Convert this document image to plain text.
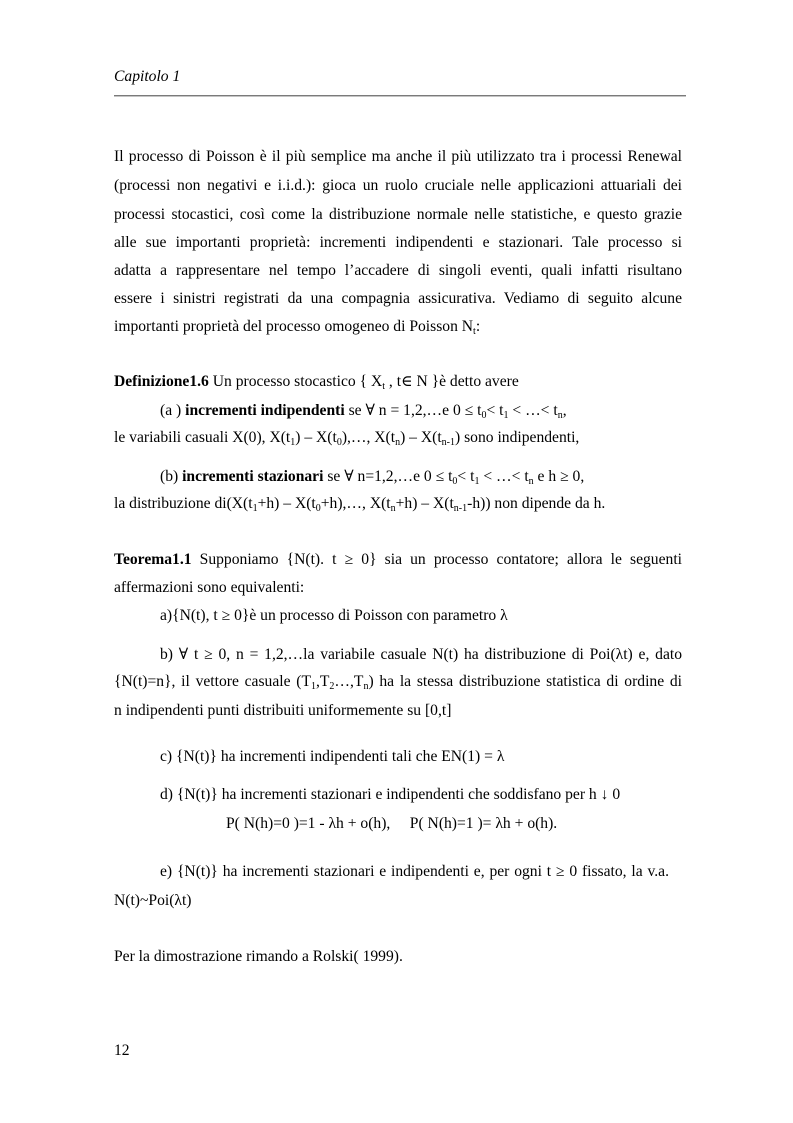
Capitolo 1
Il processo di Poisson è il più semplice ma anche il più utilizzato tra i processi Renewal
(processi non negativi e i.i.d.): gioca un ruolo cruciale nelle applicazioni attuariali dei
processi stocastici, così come la distribuzione normale nelle statistiche, e questo grazie
alle sue importanti proprietà: incrementi indipendenti e stazionari. Tale processo si
adatta a rappresentare nel tempo l’accadere di singoli eventi, quali infatti risultano
essere i sinistri registrati da una compagnia assicurativa. Vediamo di seguito alcune
importanti proprietà del processo omogeneo di Poisson $N_t$:
Definizione1.6 Un processo stocastico { $X_t$ , t∈ N }è detto avere
(a ) incrementi indipendenti se ∀ n = 1,2,…e $0 \le t_0< t_1$ < …< $t_n$,
le variabili casuali X(0), $X(t_1)$ – $X(t_0),\dots$, $X(t_n) - X(t_{n-1})$ sono indipendenti,
(b) incrementi stazionari se ∀ n=1,2,…e $0 \le t_0< t_1$ < …< $t_n$ e h ≥ 0,
la distribuzione $di(X(t_1+h)$ – $X(t_0+h),\dots$, $X(t_n+h) - X(t_{n-1}-h)$) non dipende da h.
Teorema1.1 Supponiamo {N(t). t ≥ 0} sia un processo contatore; allora le seguenti
affermazioni sono equivalenti:
a){N(t), t ≥ 0}è un processo di Poisson con parametro λ
b) ∀ t ≥ 0, n = 1,2,…la variabile casuale N(t) ha distribuzione di Poi(λt) e, dato
{N(t)=n}, il vettore casuale $(T_1,T_2\dots,T_n)$ ha la stessa distribuzione statistica di ordine di
n indipendenti punti distribuiti uniformemente su [0,t]
c) {N(t)} ha incrementi indipendenti tali che EN(1) = λ
d) {N(t)} ha incrementi stazionari e indipendenti che soddisfano per h ↓ 0
P( N(h)=0 )=1 - λh + o(h),     P( N(h)=1 )= λh + o(h).
e) {N(t)} ha incrementi stazionari e indipendenti e, per ogni t ≥ 0 fissato, la v.a.
N(t)~Poi(λt)
Per la dimostrazione rimando a Rolski( 1999).
12
